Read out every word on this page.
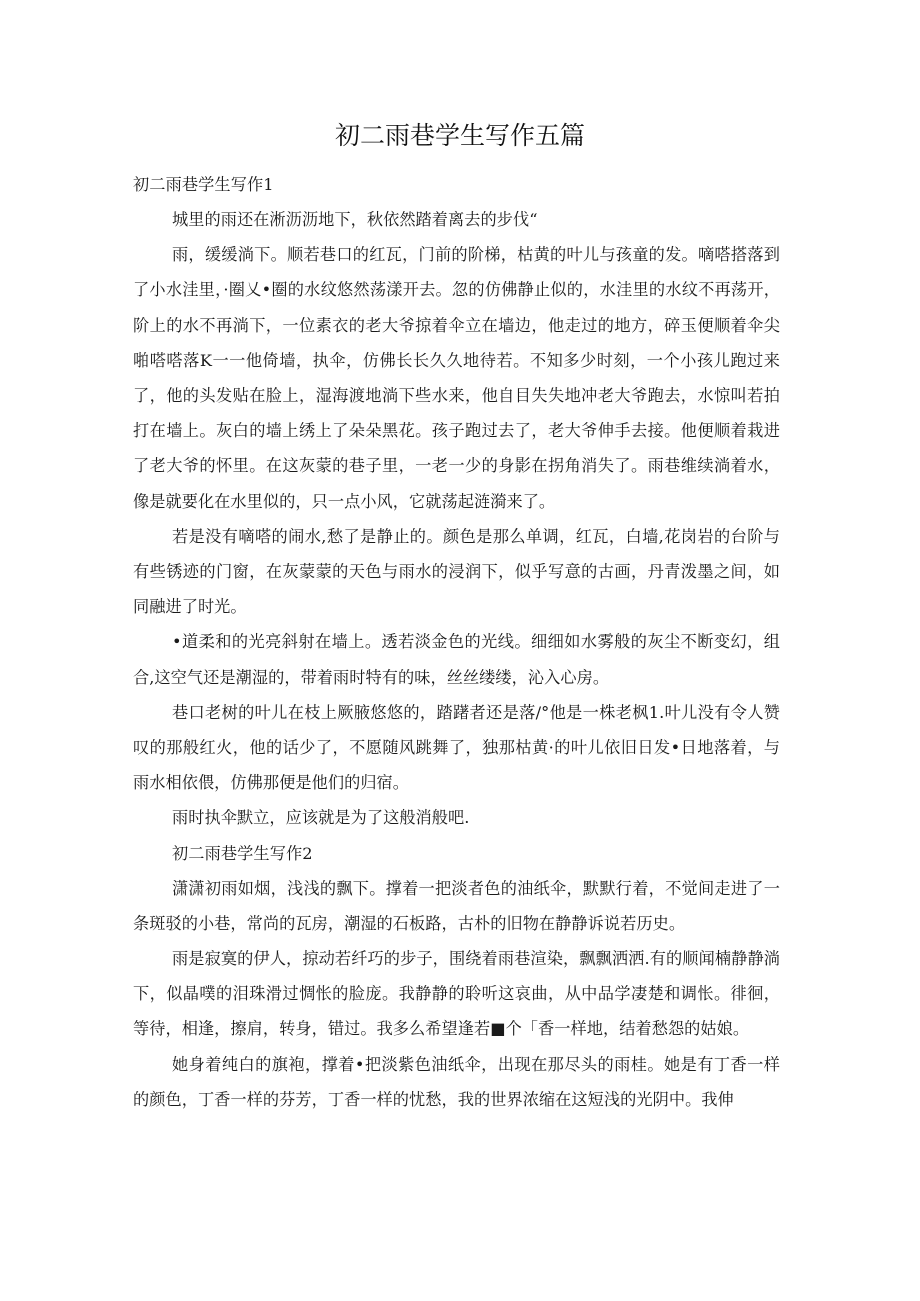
初二雨巷学生写作五篇

初二雨巷学生写作1

城里的雨还在淅沥沥地下，秋依然踏着离去的步伐“

雨，缓缓淌下。顺若巷口的红瓦，门前的阶梯，枯黄的叶儿与孩童的发。嘀嗒搭落到了小水洼里，·圈乂•圈的水纹悠然荡漾开去。忽的仿佛静止似的，水洼里的水纹不再荡开，阶上的水不再淌下，一位素衣的老大爷掠着伞立在墙边，他走过的地方，碎玉便顺着伞尖啪嗒嗒落K一一他倚墙，执伞，仿佛长长久久地待若。不知多少时刻，一个小孩儿跑过来了，他的头发贴在脸上，湿海渡地淌下些水来，他自目失失地冲老大爷跑去，水惊叫若拍打在墙上。灰白的墙上绣上了朵朵黑花。孩子跑过去了，老大爷伸手去接。他便顺着栽进了老大爷的怀里。在这灰蒙的巷子里，一老一少的身影在拐角消失了。雨巷维续淌着水，像是就要化在水里似的，只一点小风，它就荡起涟漪来了。

若是没有嘀嗒的闹水,愁了是静止的。颜色是那么单调，红瓦，白墙,花岗岩的台阶与有些锈迹的门窗，在灰蒙蒙的天色与雨水的浸润下，似乎写意的古画，丹青泼墨之间，如同融进了时光。

•道柔和的光亮斜射在墙上。透若淡金色的光线。细细如水雾般的灰尘不断变幻，组合,这空气还是潮湿的，带着雨时特有的味，丝丝缕缕，沁入心房。

巷口老树的叶儿在枝上厥腋悠悠的，踏躇者还是落/°他是一株老枫1.叶儿没有令人赞叹的那般红火，他的话少了，不愿随风跳舞了，独那枯黄·的叶儿依旧日发•日地落着，与雨水相依偎，仿佛那便是他们的归宿。

雨时执伞默立，应该就是为了这般消般吧.

初二雨巷学生写作2

潇潇初雨如烟，浅浅的飘下。撑着一把淡者色的油纸伞，默默行着，不觉间走进了一条斑驳的小巷，常尚的瓦房，潮湿的石板路，古朴的旧物在静静诉说若历史。

雨是寂寞的伊人，掠动若纤巧的步子，围绕着雨巷渲染，飘飘洒洒.有的顺闻楠静静淌下，似晶噗的泪珠滑过惆怅的脸庞。我静静的聆听这哀曲，从中品学凄楚和调怅。徘徊，等待，相逢，擦肩，转身，错过。我多么希望逢若■个「香一样地，结着愁怨的姑娘。

她身着纯白的旗袍，撑着•把淡紫色油纸伞，出现在那尽头的雨桂。她是有丁香一样的颜色，丁香一样的芬芳，丁香一样的忧愁，我的世界浓缩在这短浅的光阴中。我伸
